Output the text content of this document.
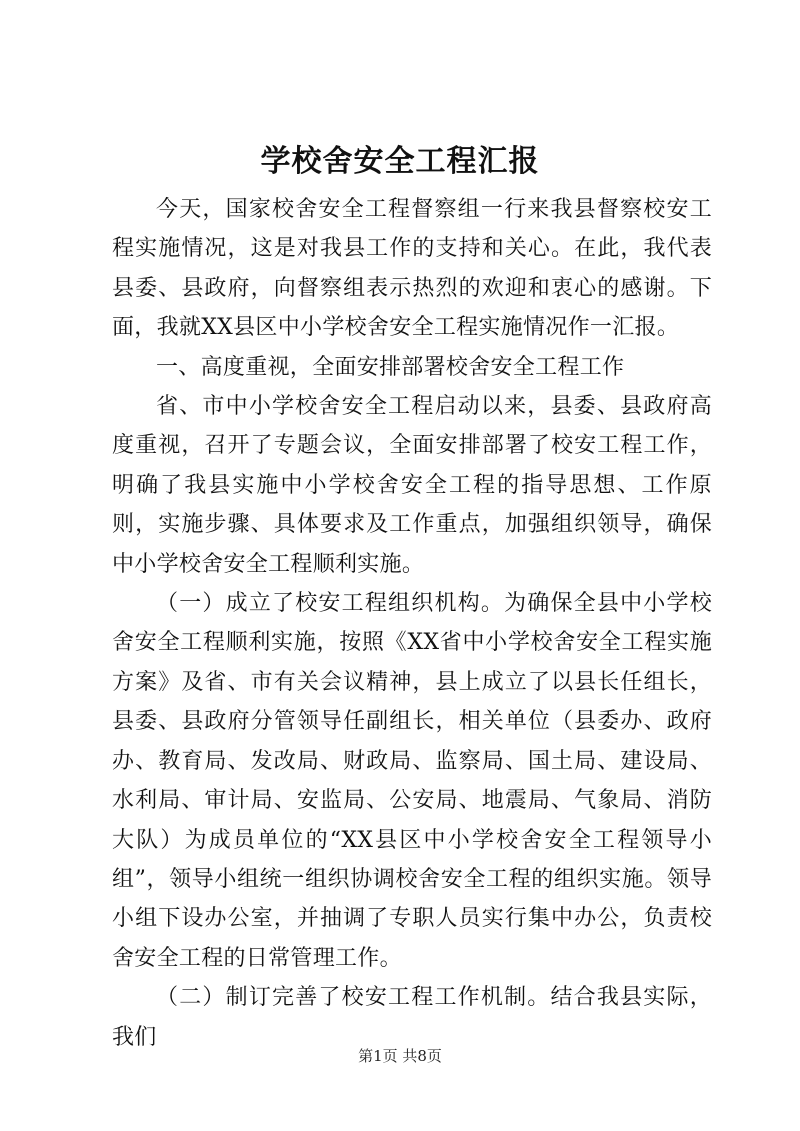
学校舍安全工程汇报

今天，国家校舍安全工程督察组一行来我县督察校安工程实施情况，这是对我县工作的支持和关心。在此，我代表县委、县政府，向督察组表示热烈的欢迎和衷心的感谢。下面，我就XX县区中小学校舍安全工程实施情况作一汇报。

一、高度重视，全面安排部署校舍安全工程工作

省、市中小学校舍安全工程启动以来，县委、县政府高度重视，召开了专题会议，全面安排部署了校安工程工作，明确了我县实施中小学校舍安全工程的指导思想、工作原则，实施步骤、具体要求及工作重点，加强组织领导，确保中小学校舍安全工程顺利实施。

（一）成立了校安工程组织机构。为确保全县中小学校舍安全工程顺利实施，按照《XX省中小学校舍安全工程实施方案》及省、市有关会议精神，县上成立了以县长任组长，县委、县政府分管领导任副组长，相关单位（县委办、政府办、教育局、发改局、财政局、监察局、国土局、建设局、水利局、审计局、安监局、公安局、地震局、气象局、消防大队）为成员单位的“XX县区中小学校舍安全工程领导小组”，领导小组统一组织协调校舍安全工程的组织实施。领导小组下设办公室，并抽调了专职人员实行集中办公，负责校舍安全工程的日常管理工作。

（二）制订完善了校安工程工作机制。结合我县实际，我们

第1页 共8页
